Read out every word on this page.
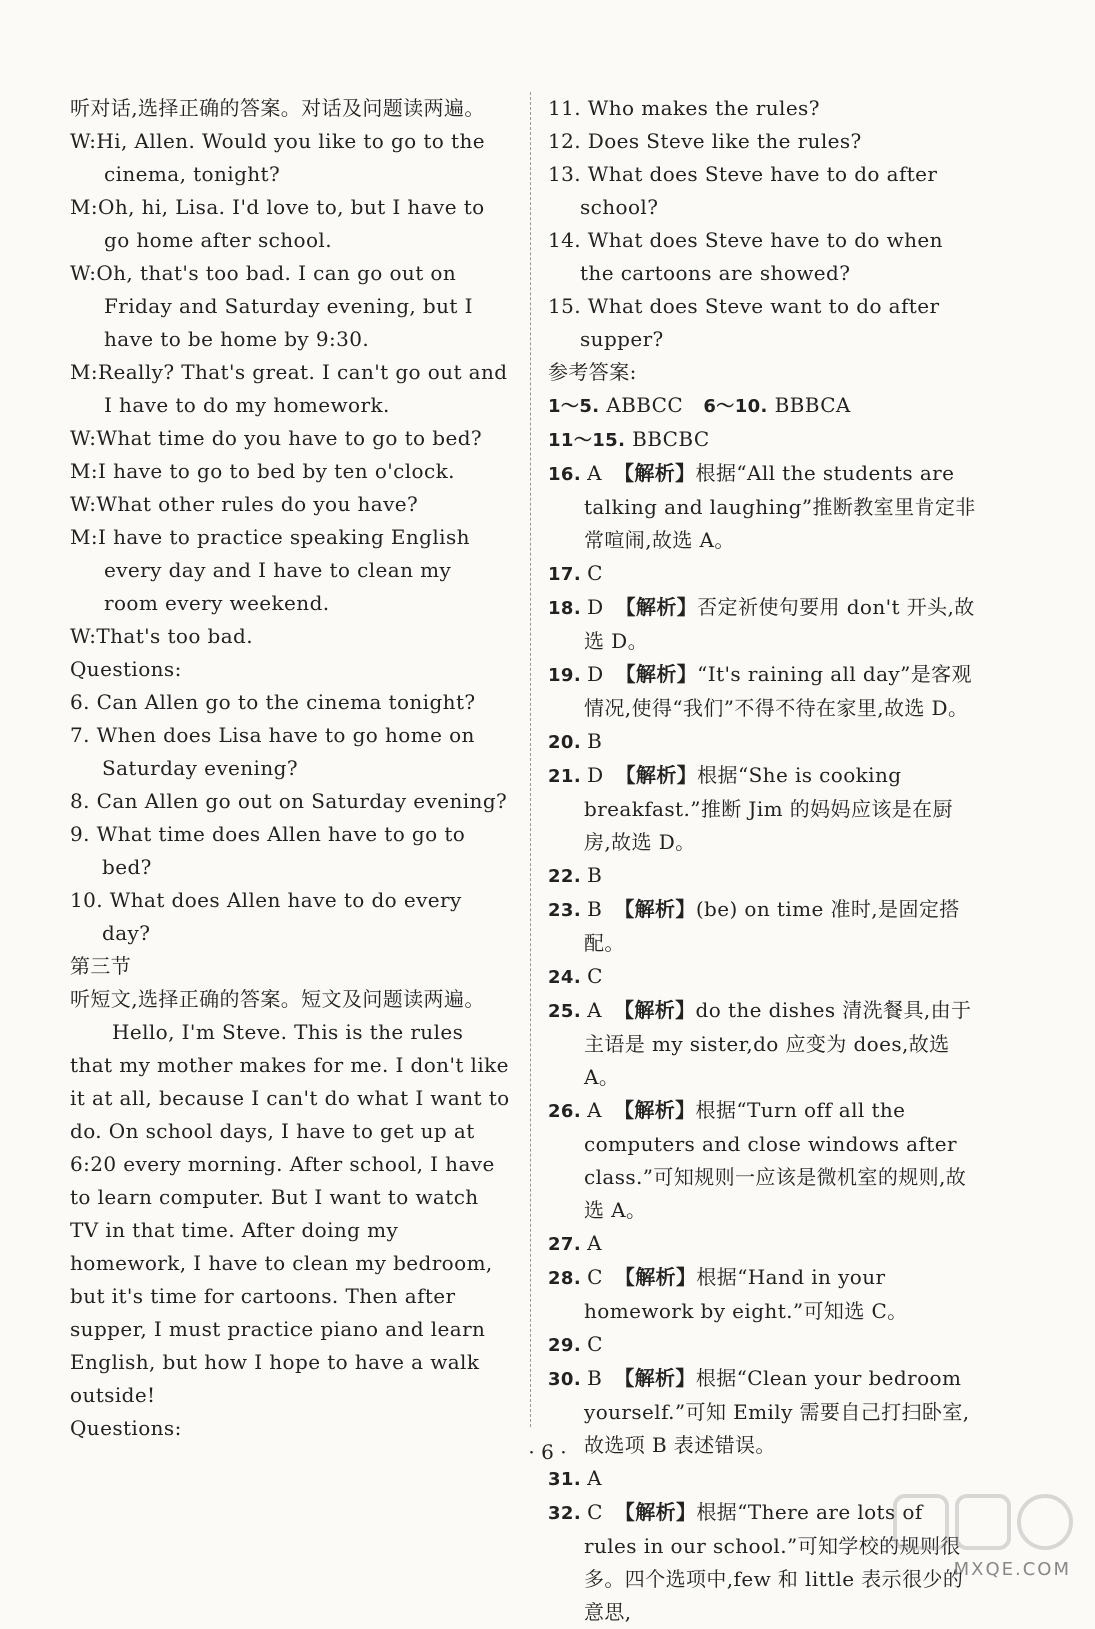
听对话,选择正确的答案。对话及问题读两遍。

W:Hi, Allen. Would you like to go to the cinema, tonight?

M:Oh, hi, Lisa. I'd love to, but I have to go home after school.

W:Oh, that's too bad. I can go out on Friday and Saturday evening, but I have to be home by 9:30.

M:Really? That's great. I can't go out and I have to do my homework.

W:What time do you have to go to bed?

M:I have to go to bed by ten o'clock.

W:What other rules do you have?

M:I have to practice speaking English every day and I have to clean my room every weekend.

W:That's too bad.

Questions:

6. Can Allen go to the cinema tonight?

7. When does Lisa have to go home on Saturday evening?

8. Can Allen go out on Saturday evening?

9. What time does Allen have to go to bed?

10. What does Allen have to do every day?

第三节

听短文,选择正确的答案。短文及问题读两遍。

Hello, I'm Steve. This is the rules that my mother makes for me. I don't like it at all, because I can't do what I want to do. On school days, I have to get up at 6:20 every morning. After school, I have to learn computer. But I want to watch TV in that time. After doing my homework, I have to clean my bedroom, but it's time for cartoons. Then after supper, I must practice piano and learn English, but how I hope to have a walk outside!

Questions:

11. Who makes the rules?

12. Does Steve like the rules?

13. What does Steve have to do after school?

14. What does Steve have to do when the cartoons are showed?

15. What does Steve want to do after supper?

参考答案:

1～5. ABBCC 6～10. BBBCA

11～15. BBCBC

16. A 【解析】根据“All the students are talking and laughing”推断教室里肯定非常喧闹,故选 A。

17. C

18. D 【解析】否定祈使句要用 don't 开头,故选 D。

19. D 【解析】“It's raining all day”是客观情况,使得“我们”不得不待在家里,故选 D。

20. B

21. D 【解析】根据“She is cooking breakfast.”推断 Jim 的妈妈应该是在厨房,故选 D。

22. B

23. B 【解析】(be) on time 准时,是固定搭配。

24. C

25. A 【解析】do the dishes 清洗餐具,由于主语是 my sister,do 应变为 does,故选 A。

26. A 【解析】根据“Turn off all the computers and close windows after class.”可知规则一应该是微机室的规则,故选 A。

27. A

28. C 【解析】根据“Hand in your homework by eight.”可知选 C。

29. C

30. B 【解析】根据“Clean your bedroom yourself.”可知 Emily 需要自己打扫卧室,故选项 B 表述错误。

31. A

32. C 【解析】根据“There are lots of rules in our school.”可知学校的规则很多。四个选项中,few 和 little 表示很少的意思,

· 6 ·
MXQE.COM
